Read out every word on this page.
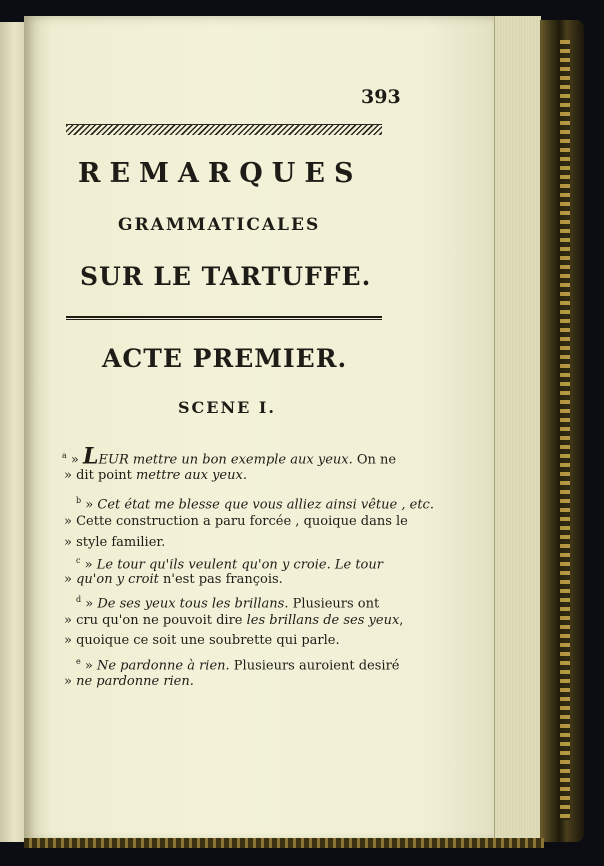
393
REMARQUES
GRAMMATICALES
SUR LE TARTUFFE.
ACTE PREMIER.
SCENE I.
$^a$ » LEUR mettre un bon exemple aux yeux. On ne
» dit point mettre aux yeux.
$^b$ » Cet état me blesse que vous alliez ainsi vêtue , etc.
» Cette construction a paru forcée , quoique dans le
» style familier.
$^c$ » Le tour qu'ils veulent qu'on y croie. Le tour
» qu'on y croit n'est pas françois.
$^d$ » De ses yeux tous les brillans. Plusieurs ont
» cru qu'on ne pouvoit dire les brillans de ses yeux,
» quoique ce soit une soubrette qui parle.
$^e$ » Ne pardonne à rien. Plusieurs auroient desiré
» ne pardonne rien.
